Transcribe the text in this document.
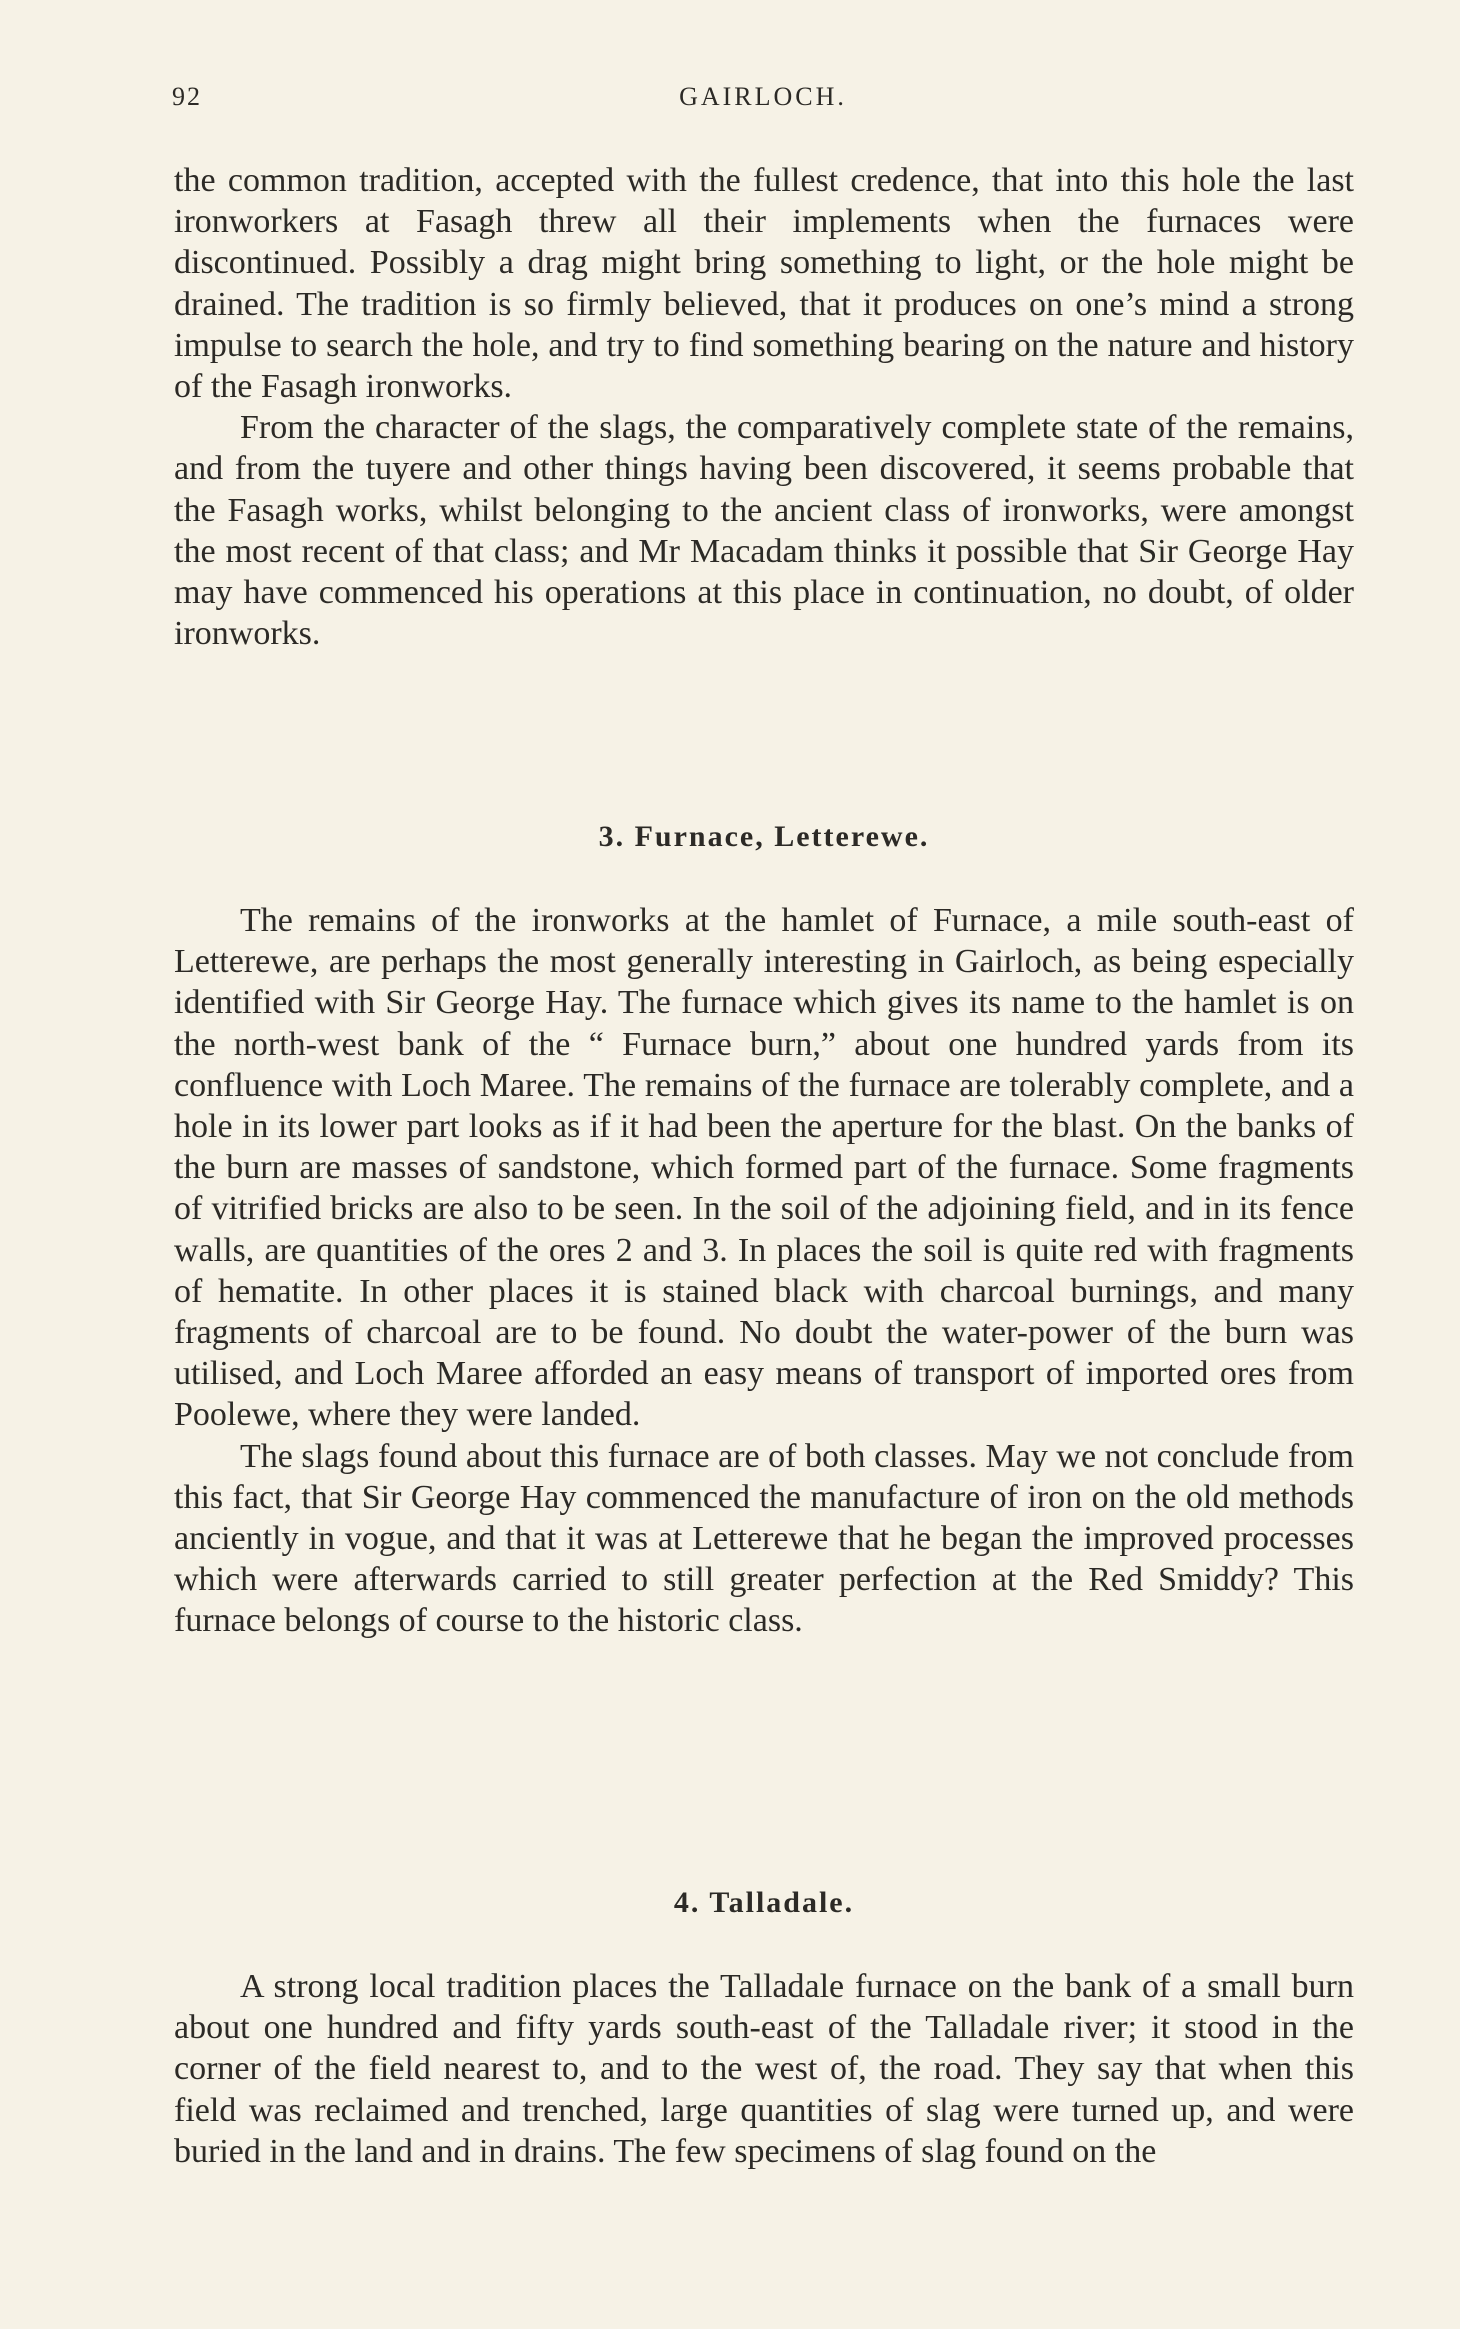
92	GAIRLOCH.

the common tradition, accepted with the fullest credence, that into this hole the last ironworkers at Fasagh threw all their implements when the furnaces were discontinued. Possibly a drag might bring something to light, or the hole might be drained. The tradition is so firmly believed, that it produces on one’s mind a strong impulse to search the hole, and try to find something bearing on the nature and history of the Fasagh ironworks.

From the character of the slags, the comparatively complete state of the remains, and from the tuyere and other things having been discovered, it seems probable that the Fasagh works, whilst belonging to the ancient class of ironworks, were amongst the most recent of that class; and Mr Macadam thinks it possible that Sir George Hay may have commenced his operations at this place in continuation, no doubt, of older ironworks.

3. Furnace, Letterewe.

The remains of the ironworks at the hamlet of Furnace, a mile south-east of Letterewe, are perhaps the most generally interesting in Gairloch, as being especially identified with Sir George Hay. The furnace which gives its name to the hamlet is on the north-west bank of the “ Furnace burn,” about one hundred yards from its confluence with Loch Maree. The remains of the furnace are tolerably complete, and a hole in its lower part looks as if it had been the aperture for the blast. On the banks of the burn are masses of sandstone, which formed part of the furnace. Some fragments of vitrified bricks are also to be seen. In the soil of the adjoining field, and in its fence walls, are quantities of the ores 2 and 3. In places the soil is quite red with fragments of hematite. In other places it is stained black with charcoal burnings, and many fragments of charcoal are to be found. No doubt the water-power of the burn was utilised, and Loch Maree afforded an easy means of transport of imported ores from Poolewe, where they were landed.

The slags found about this furnace are of both classes. May we not conclude from this fact, that Sir George Hay commenced the manufacture of iron on the old methods anciently in vogue, and that it was at Letterewe that he began the improved processes which were afterwards carried to still greater perfection at the Red Smiddy? This furnace belongs of course to the historic class.

4. Talladale.

A strong local tradition places the Talladale furnace on the bank of a small burn about one hundred and fifty yards south-east of the Talladale river; it stood in the corner of the field nearest to, and to the west of, the road. They say that when this field was reclaimed and trenched, large quantities of slag were turned up, and were buried in the land and in drains. The few specimens of slag found on the
